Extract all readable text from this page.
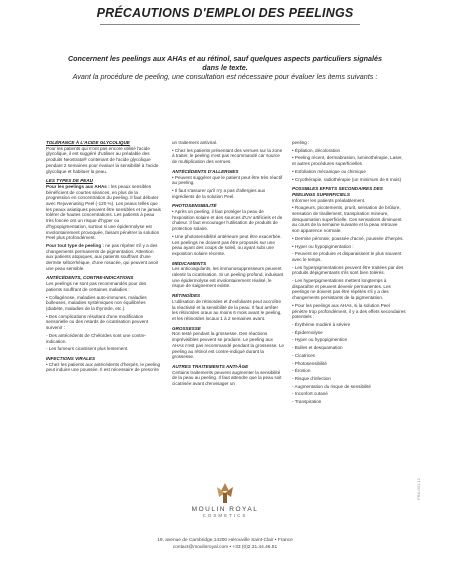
PRÉCAUTIONS D'EMPLOI DES PEELINGS
Concernent les peelings aux AHAs et au rétinol, sauf quelques aspects particuliers signalés dans le texte.
Avant la procédure de peeling, une consultation est nécessaire pour évaluer les items suivants :
TOLÉRANCE À L'ACIDE GLYCOLIQUE

Pour les patients qui n'ont pas encore utilisé l'acide glycolique, il est suggéré d'utiliser au préalable des produits Neostrata® contenant de l'acide glycolique pendant 2 semaines pour évaluer la sensibilité à l'acide glycolique et habituer la peau.

LES TYPES DE PEAU

Pour les peelings aux AHAs : les peaux sensibles bénéficient de courtes séances, en plus de la progression en concentration du peeling. Il faut débuter avec Rejuvenating Peel (-120 %). Les peaux telles que les peaux asiatiques peuvent être sensibles et ne jamais tolérer de hautes concentrations. Les patients à peau très foncée ont un risque d'hyper ou d'hypopigmentation, surtout si une épidermolyse est involontairement provoquée, faisant pénétrer la solution Peel plus profondément.

Pour tout type de peeling : ne pas répéter s'il y a des changements permanents de pigmentation. Attention aux patients atopiques, aux patients souffrant d'une dermite séborrhéique, d'une rosacée, qui peuvent avoir une peau sensible.

ANTÉCÉDENTS, CONTRE-INDICATIONS

Les peelings ne sont pas recommandés pour des patients souffrant de certaines maladies :

• Collagénose, maladies auto-immunes, maladies bulleuses, maladies systémiques non équilibrées (diabète, maladies de la thyroïde, etc.).

• Des complications résultant d'une modification sensorielle ou des retards de cicatrisation peuvent survenir :

- Des antécédents de Chéloïdes sont une contre-indication.

- Les fumeurs cicatrisent plus lentement.

INFECTIONS VIRALES

• Chez les patients aux antécédents d'herpès, le peeling peut induire une poussée. Il est nécessaire de prescrire

un traitement antiviral.

• Chez les patients présentant des verrues sur la zone à traiter, le peeling n'est pas recommandé car source de multiplication des verrues.

ANTÉCÉDENTS D'ALLERGIES

• Peuvent suggérer que le patient peut être très réactif au peeling.

• Il faut s'assurer qu'il n'y a pas d'allergies aux ingrédients de la solution Peel.

PHOTOSENSIBILITÉ

• Après un peeling, il faut protéger la peau de l'exposition solaire et des sources d'UV artificiels et de chaleur. Il faut encourager l'utilisation de produits de protection solaire.

• Une photosensibilité antérieure peut être exacerbée. Les peelings ne doivent pas être proposés sur une peau ayant des coups de soleil, ou ayant subi une exposition solaire récente.

MÉDICAMENTS

Les anticoagulants, les immunosuppresseurs peuvent ralentir la cicatrisation. Si un peeling profond, induisant une épidermolyse est involontairement réalisé, le risque de saignement existe.

RÉTINOÏDES

L'utilisation de rétinoïdes et d'exfoliants peut accroître la réactivité et la sensibilité de la peau. Il faut arrêter les rétinoïdes oraux au moins 6 mois avant le peeling, et les rétinoïdes locaux 1 à 2 semaines avant.

GROSSESSE

Non testé pendant la grossesse. Des réactions imprévisibles peuvent se produire. Le peeling aux AHAs n'est pas recommandé pendant la grossesse. Le peeling au rétinol est contre-indiqué durant la grossesse.

AUTRES TRAITEMENTS ANTI-ÂGE

Certains traitements peuvent augmenter la sensibilité de la peau au peeling. Il faut attendre que la peau soit cicatrisée avant d'envisager un

peeling :

• Épilation, décoloration

• Peeling récent, dermabrasion, luminothérapie, Laser, et autres procédures superficielles

• Exfoliation mécanique ou chimique

• Cryothérapie, radiothérapie (un minimum de 6 mois)

POSSIBLES EFFETS SECONDAIRES DES PEELINGS SUPERFICIELS

Informer les patients préalablement.

• Rougeurs, picotements, prurit, sensation de brûlure, sensation de tiraillement, transpiration mineure, desquamation superficielle. Ces sensations diminuent au cours de la semaine suivante et la peau retrouve son apparence normale.

• Dermite pérorale, poussée d'acné, poussée d'herpès.

• Hyper ou hypopigmentation :

- Peuvent se produire et disparaissent le plus souvent avec le temps.

- Les hyperpigmentations peuvent être traitées par des produits dépigmentants s'ils sont bien tolérés.

- Les hyperpigmentations mettent longtemps à disparaître et peuvent devenir permanentes. Les peelings ne doivent pas être répétés s'il y a des changements persistants de la pigmentation.

• Pour les peelings aux AHAs, si la solution Peel pénètre trop profondément, il y a des effets secondaires potentiels :

- Érythème modéré à sévère

- Épidermolyse

- Hyper ou hypopigmention

- Bulles et desquamation

- Cicatrices

- Photosensibilité

- Érosion

- Risque d'infection

- Augmentation du risque de sensibilité

- Inconfort cutané

- Transpiration

MOULIN ROYAL
COSMETICS
19, avenue de Cambridge,14200 Hérouville Saint-Clair • France
contact@moulinroyal.com • +33 (0)2.31.44.46.51
PRA-001-12
